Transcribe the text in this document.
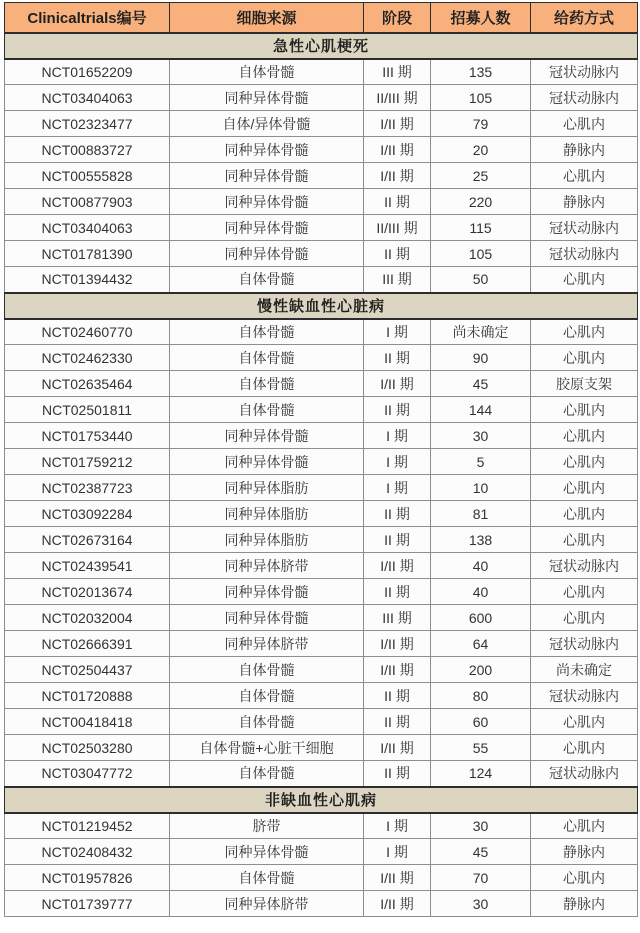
Clinicaltrials编号	细胞来源	阶段	招募人数	给药方式
急性心肌梗死				
NCT01652209	自体骨髓	III 期	135	冠状动脉内
NCT03404063	同种异体骨髓	II/III 期	105	冠状动脉内
NCT02323477	自体/异体骨髓	I/II 期	79	心肌内
NCT00883727	同种异体骨髓	I/II 期	20	静脉内
NCT00555828	同种异体骨髓	I/II 期	25	心肌内
NCT00877903	同种异体骨髓	II 期	220	静脉内
NCT03404063	同种异体骨髓	II/III 期	115	冠状动脉内
NCT01781390	同种异体骨髓	II 期	105	冠状动脉内
NCT01394432	自体骨髓	III 期	50	心肌内
慢性缺血性心脏病				
NCT02460770	自体骨髓	I 期	尚未确定	心肌内
NCT02462330	自体骨髓	II 期	90	心肌内
NCT02635464	自体骨髓	I/II 期	45	胶原支架
NCT02501811	自体骨髓	II 期	144	心肌内
NCT01753440	同种异体骨髓	I 期	30	心肌内
NCT01759212	同种异体骨髓	I 期	5	心肌内
NCT02387723	同种异体脂肪	I 期	10	心肌内
NCT03092284	同种异体脂肪	II 期	81	心肌内
NCT02673164	同种异体脂肪	II 期	138	心肌内
NCT02439541	同种异体脐带	I/II 期	40	冠状动脉内
NCT02013674	同种异体骨髓	II 期	40	心肌内
NCT02032004	同种异体骨髓	III 期	600	心肌内
NCT02666391	同种异体脐带	I/II 期	64	冠状动脉内
NCT02504437	自体骨髓	I/II 期	200	尚未确定
NCT01720888	自体骨髓	II 期	80	冠状动脉内
NCT00418418	自体骨髓	II 期	60	心肌内
NCT02503280	自体骨髓+心脏干细胞	I/II 期	55	心肌内
NCT03047772	自体骨髓	II 期	124	冠状动脉内
非缺血性心肌病				
NCT01219452	脐带	I 期	30	心肌内
NCT02408432	同种异体骨髓	I 期	45	静脉内
NCT01957826	自体骨髓	I/II 期	70	心肌内
NCT01739777	同种异体脐带	I/II 期	30	静脉内
